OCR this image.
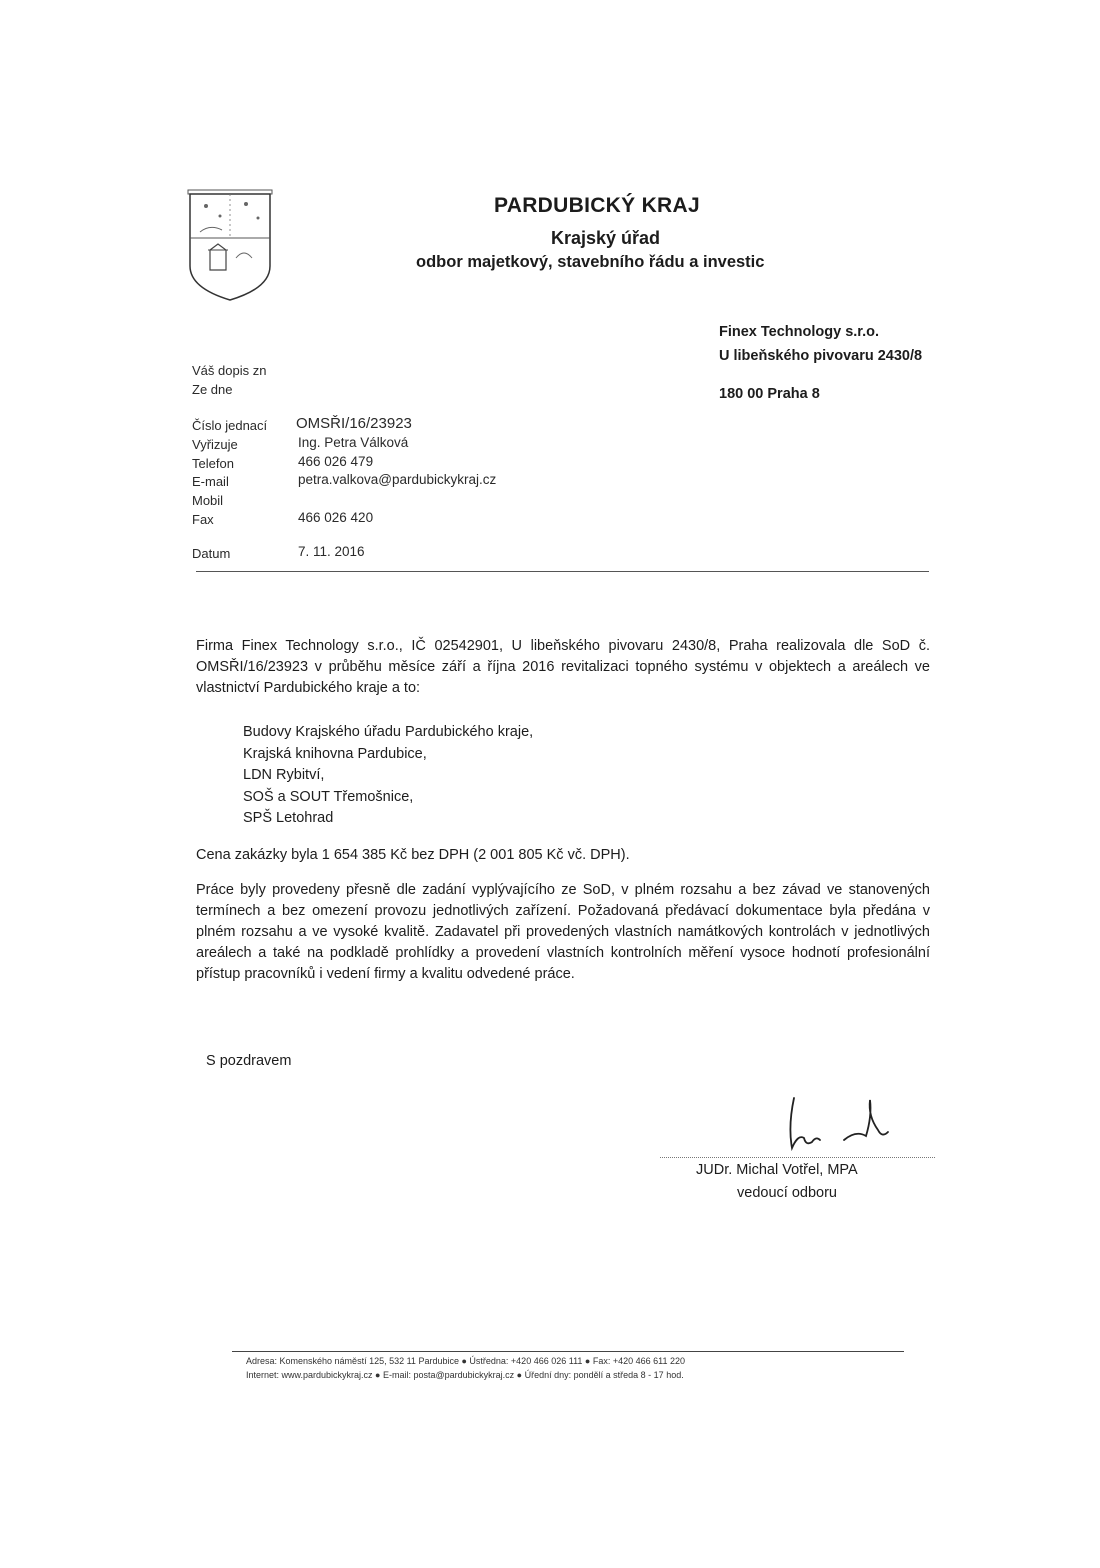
PARDUBICKÝ KRAJ
Krajský úřad
odbor majetkový, stavebního řádu a investic
Finex Technology s.r.o.
U libeňského pivovaru 2430/8
180 00 Praha 8
Váš dopis zn
Ze dne
Číslo jednací OMSŘI/16/23923
Vyřizuje	Ing. Petra Válková
Telefon	466 026 479
E-mail	petra.valkova@pardubickykraj.cz
Mobil
Fax	466 026 420
Datum	7. 11. 2016
Firma Finex Technology s.r.o., IČ 02542901, U libeňského pivovaru 2430/8, Praha realizovala dle SoD č. OMSŘI/16/23923 v průběhu měsíce září a října 2016 revitalizaci topného systému v objektech a areálech ve vlastnictví Pardubického kraje a to:
Budovy Krajského úřadu Pardubického kraje,
Krajská knihovna Pardubice,
LDN Rybitví,
SOŠ a SOUT Třemošnice,
SPŠ Letohrad
Cena zakázky byla 1 654 385 Kč bez DPH (2 001 805 Kč vč. DPH).
Práce byly provedeny přesně dle zadání vyplývajícího ze SoD, v plném rozsahu a bez závad ve stanovených termínech a bez omezení provozu jednotlivých zařízení. Požadovaná předávací dokumentace byla předána v plném rozsahu a ve vysoké kvalitě. Zadavatel při provedených vlastních namátkových kontrolách v jednotlivých areálech a také na podkladě prohlídky a provedení vlastních kontrolních měření vysoce hodnotí profesionální přístup pracovníků i vedení firmy a kvalitu odvedené práce.
S pozdravem
JUDr. Michal Votřel, MPA
vedoucí odboru
Adresa: Komenského náměstí 125, 532 11 Pardubice ● Ústředna: +420 466 026 111 ● Fax: +420 466 611 220
Internet: www.pardubickykraj.cz ● E-mail: posta@pardubickykraj.cz ● Úřední dny: pondělí a středa 8 - 17 hod.
